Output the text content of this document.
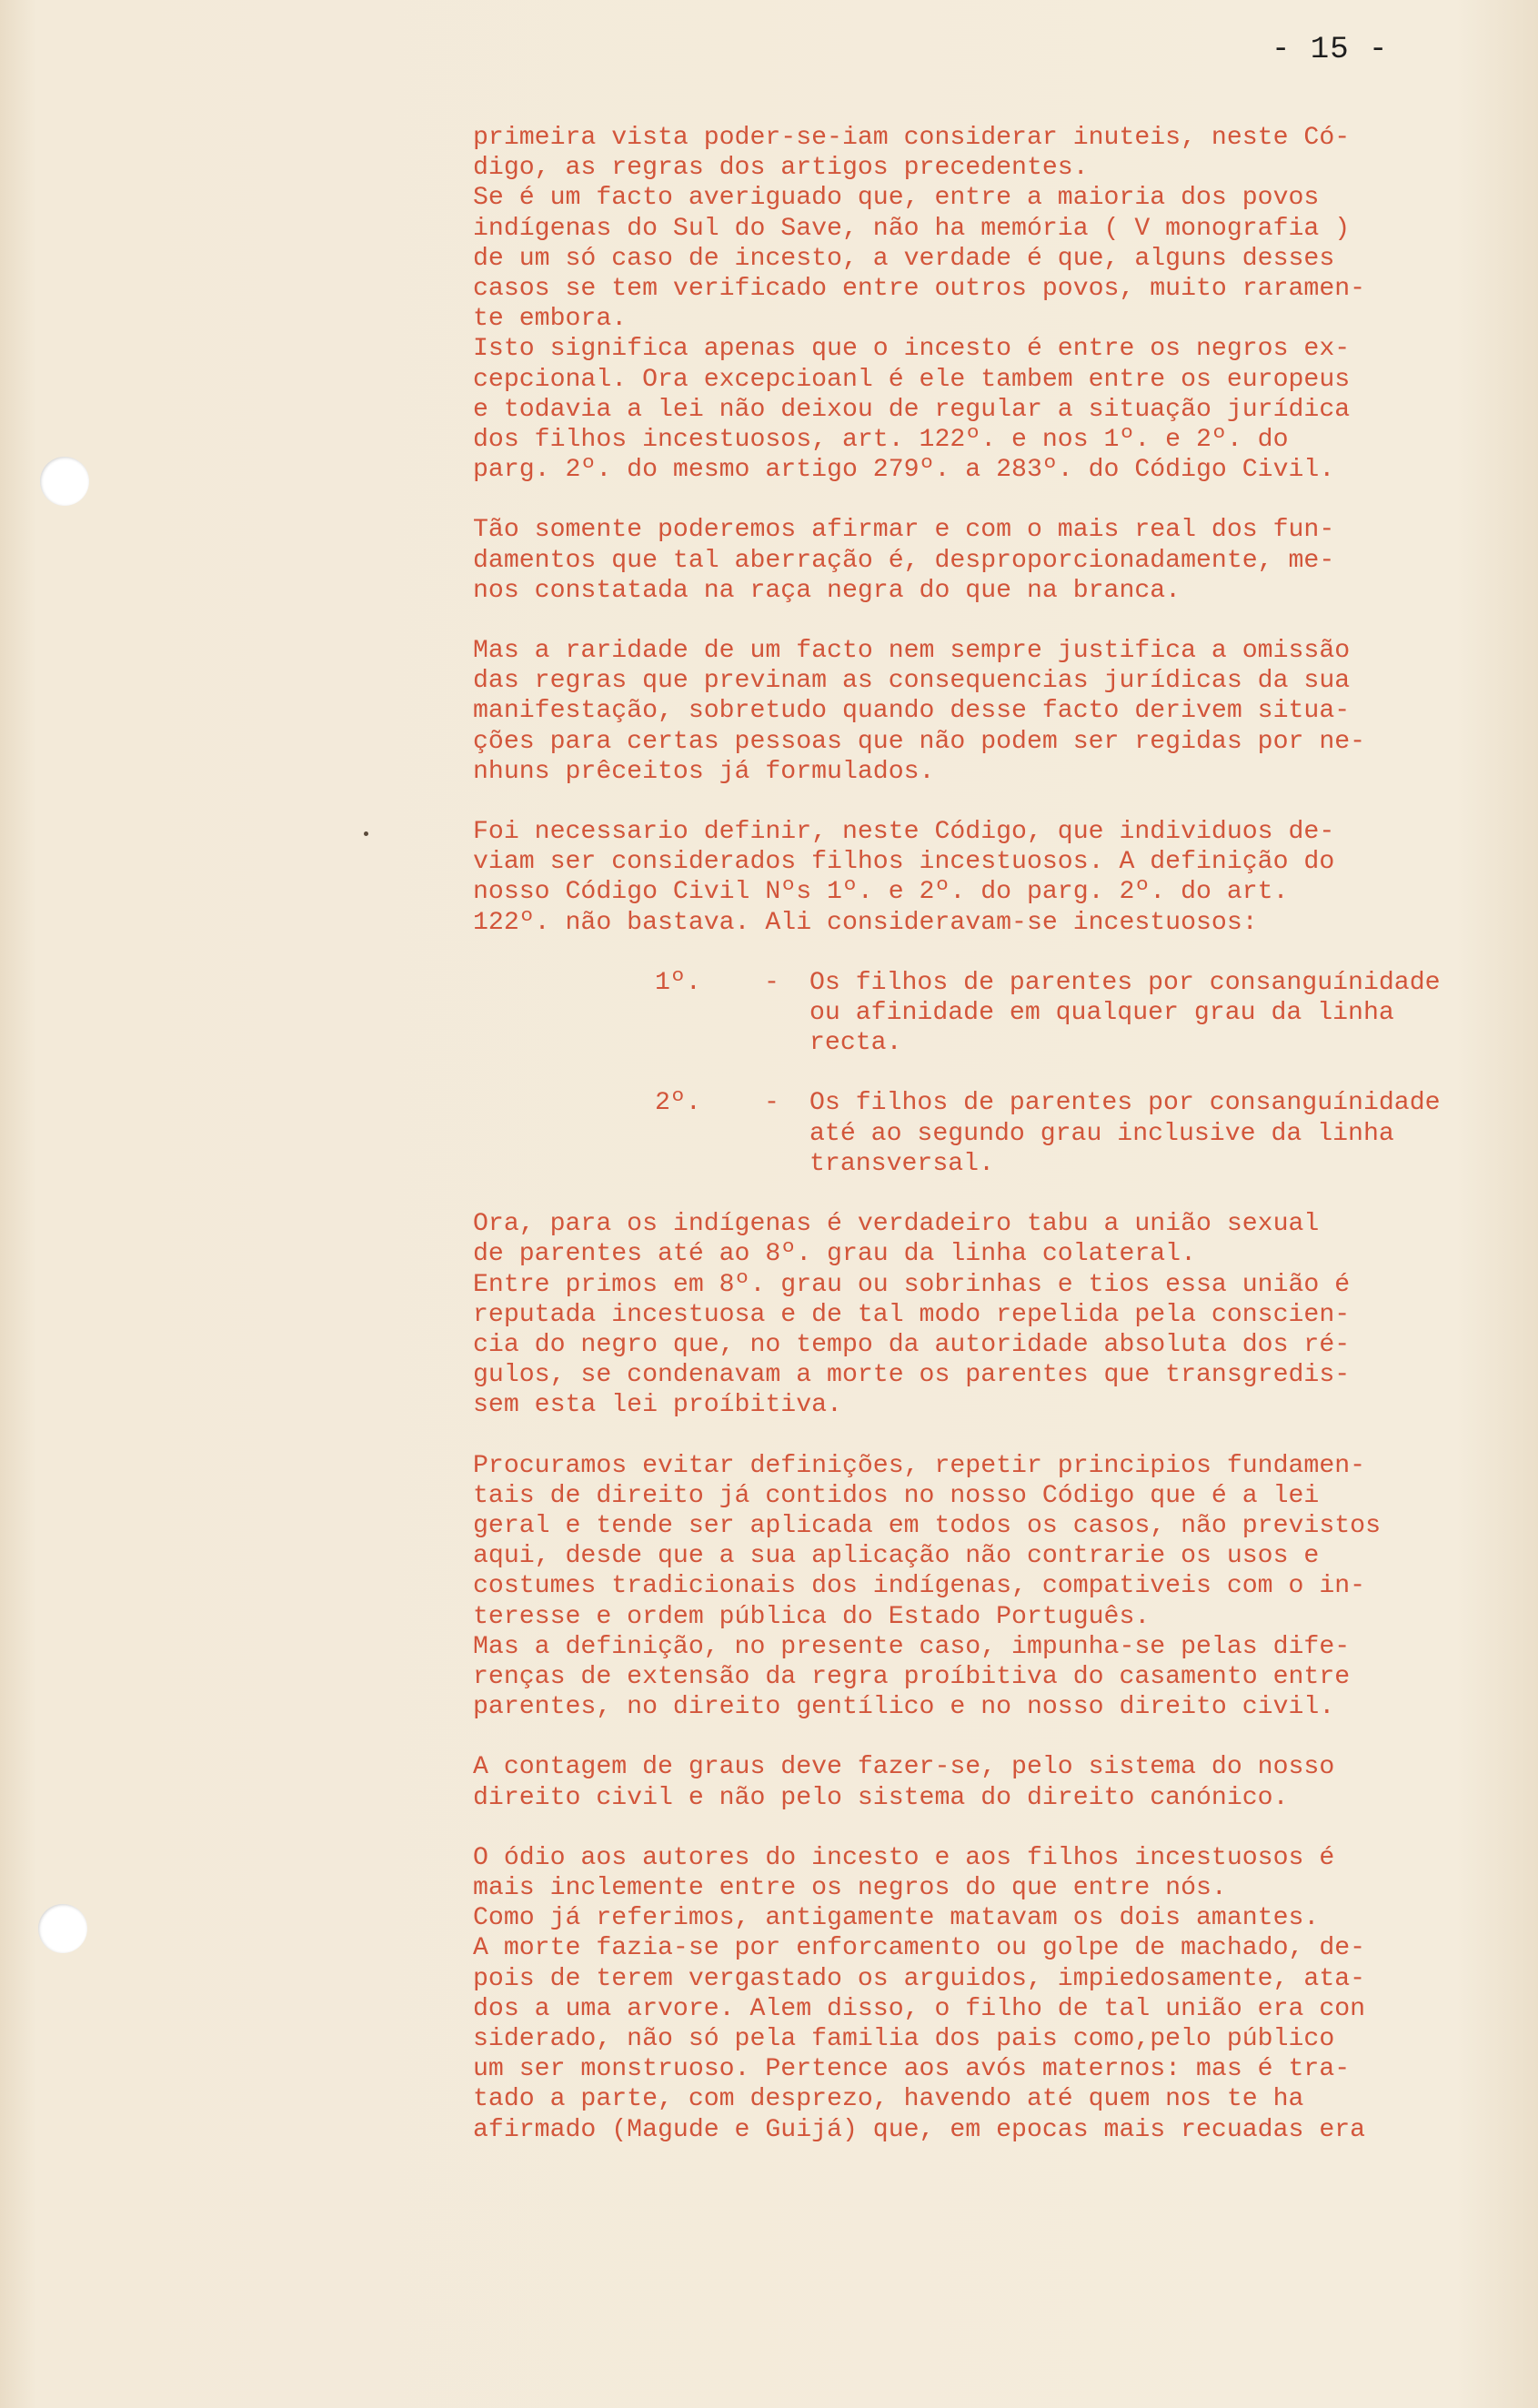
- 15 -
primeira vista poder-se-iam considerar inuteis, neste Có-
digo, as regras dos artigos precedentes.
Se é um facto averiguado que, entre a maioria dos povos
indígenas do Sul do Save, não ha memória ( V monografia )
de um só caso de incesto, a verdade é que, alguns desses
casos se tem verificado entre outros povos, muito raramen-
te embora.
Isto significa apenas que o incesto é entre os negros ex-
cepcional. Ora excepcioanl é ele tambem entre os europeus
e todavia a lei não deixou de regular a situação jurídica
dos filhos incestuosos, art. 122º. e nos 1º. e 2º. do
parg. 2º. do mesmo artigo 279º. a 283º. do Código Civil.
Tão somente poderemos afirmar e com o mais real dos fun-
damentos que tal aberração é, desproporcionadamente, me-
nos constatada na raça negra do que na branca.
Mas a raridade de um facto nem sempre justifica a omissão
das regras que previnam as consequencias jurídicas da sua
manifestação, sobretudo quando desse facto derivem situa-
ções para certas pessoas que não podem ser regidas por ne-
nhuns prêceitos já formulados.
Foi necessario definir, neste Código, que individuos de-
viam ser considerados filhos incestuosos. A definição do
nosso Código Civil Nºs 1º. e 2º. do parg. 2º. do art.
122º. não bastava. Ali consideravam-se incestuosos:
1º.	-	Os filhos de parentes por consanguínidade
ou afinidade em qualquer grau da linha
recta.
2º.	-	Os filhos de parentes por consanguínidade
até ao segundo grau inclusive da linha
transversal.
Ora, para os indígenas é verdadeiro tabu a união sexual
de parentes até ao 8º. grau da linha colateral.
Entre primos em 8º. grau ou sobrinhas e tios essa união é
reputada incestuosa e de tal modo repelida pela conscien-
cia do negro que, no tempo da autoridade absoluta dos ré-
gulos, se condenavam a morte os parentes que transgredis-
sem esta lei proíbitiva.
Procuramos evitar definições, repetir principios fundamen-
tais de direito já contidos no nosso Código que é a lei
geral e tende ser aplicada em todos os casos, não previstos
aqui, desde que a sua aplicação não contrarie os usos e
costumes tradicionais dos indígenas, compativeis com o in-
teresse e ordem pública do Estado Português.
Mas a definição, no presente caso, impunha-se pelas dife-
renças de extensão da regra proíbitiva do casamento entre
parentes, no direito gentílico e no nosso direito civil.
A contagem de graus deve fazer-se, pelo sistema do nosso
direito civil e não pelo sistema do direito canónico.
O ódio aos autores do incesto e aos filhos incestuosos é
mais inclemente entre os negros do que entre nós.
Como já referimos, antigamente matavam os dois amantes.
A morte fazia-se por enforcamento ou golpe de machado, de-
pois de terem vergastado os arguidos, impiedosamente, ata-
dos a uma arvore. Alem disso, o filho de tal união era con
siderado, não só pela familia dos pais como,pelo público
um ser monstruoso. Pertence aos avós maternos: mas é tra-
tado a parte, com desprezo, havendo até quem nos te ha
afirmado (Magude e Guijá) que, em epocas mais recuadas era
